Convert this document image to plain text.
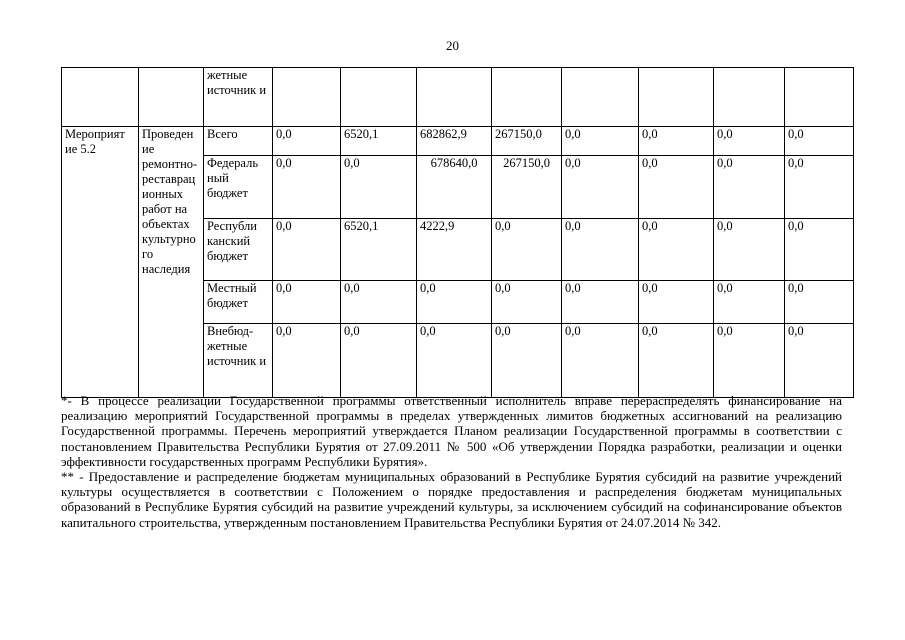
20
		жетные источник и								
Мероприят ие 5.2	Проведен ие ремонтно-реставрац ионных работ на объектах культурно го наследия	Всего	0,0	6520,1	682862,9	267150,0	0,0	0,0	0,0	0,0
		Федераль ный бюджет	0,0	0,0	678640,0	267150,0	0,0	0,0	0,0	0,0
		Республи канский бюджет	0,0	6520,1	4222,9	0,0	0,0	0,0	0,0	0,0
		Местный бюджет	0,0	0,0	0,0	0,0	0,0	0,0	0,0	0,0
		Внебюд-жетные источник и	0,0	0,0	0,0	0,0	0,0	0,0	0,0	0,0

*- В процессе реализации Государственной программы ответственный исполнитель вправе перераспределять финансирование на реализацию мероприятий Государственной программы в пределах утвержденных лимитов бюджетных ассигнований на реализацию Государственной программы. Перечень мероприятий утверждается Планом реализации Государственной программы в соответствии с постановлением Правительства Республики Бурятия от 27.09.2011 № 500 «Об утверждении Порядка разработки, реализации и оценки эффективности государственных программ Республики Бурятия».

** - Предоставление и распределение бюджетам муниципальных образований в Республике Бурятия субсидий на развитие учреждений культуры осуществляется в соответствии с Положением о порядке предоставления и распределения бюджетам муниципальных образований в Республике Бурятия субсидий на развитие учреждений культуры, за исключением субсидий на софинансирование объектов капитального строительства, утвержденным постановлением Правительства Республики Бурятия от 24.07.2014 № 342.
